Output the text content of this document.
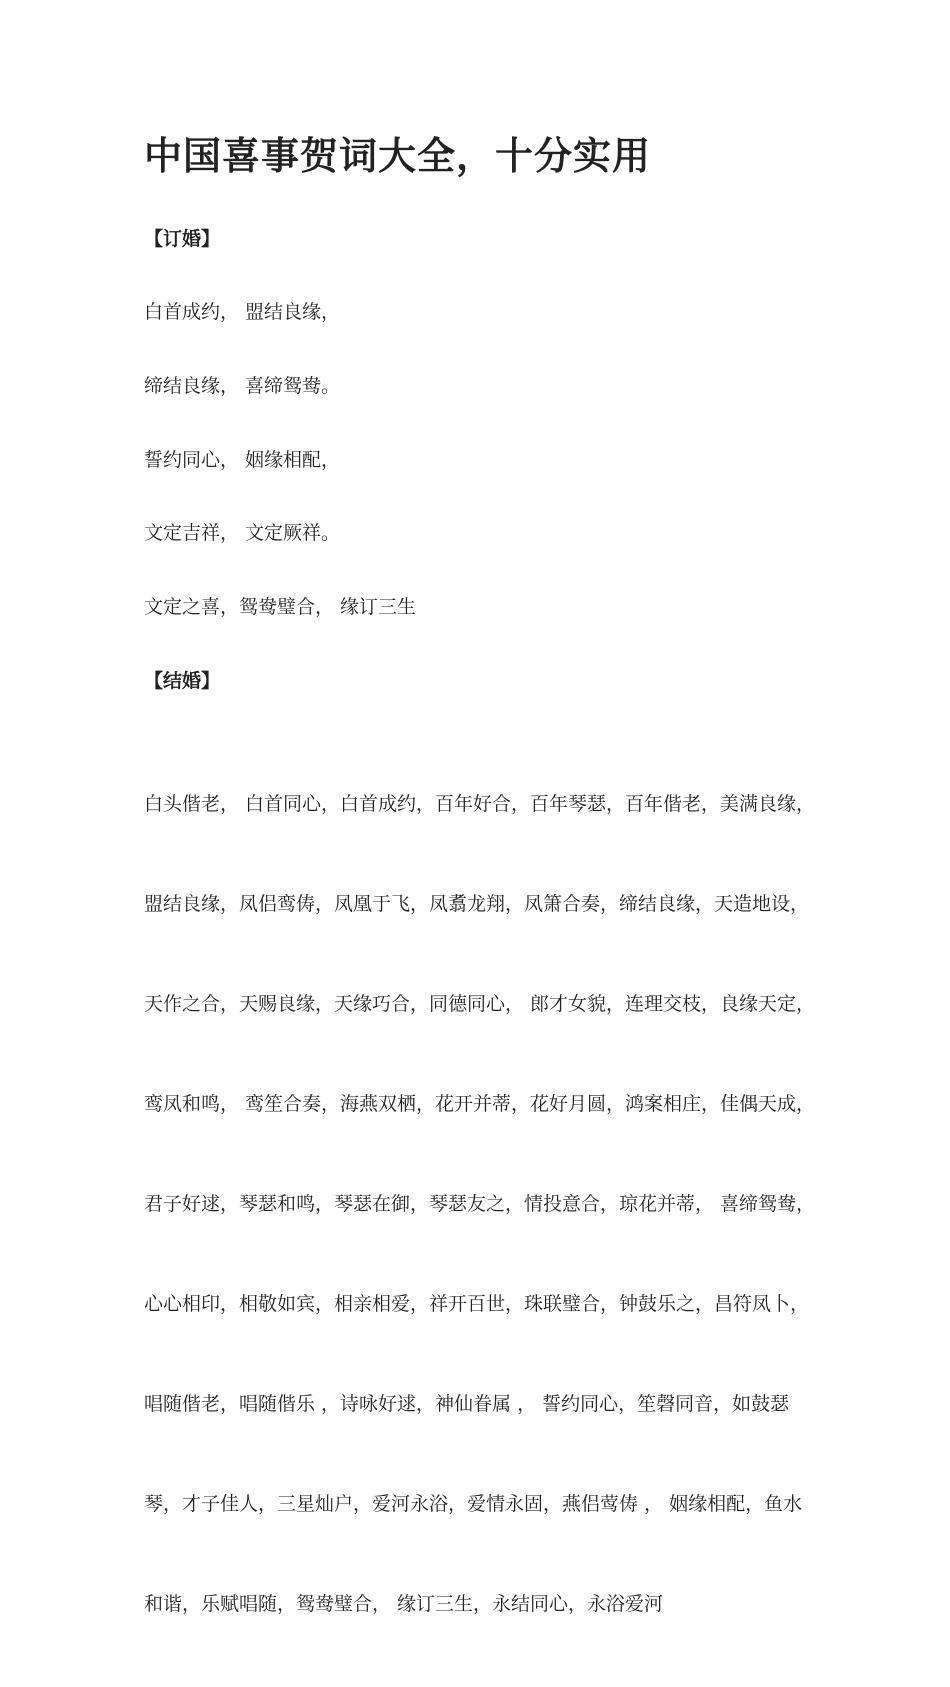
中国喜事贺词大全，十分实用
【订婚】
白首成约， 盟结良缘，
缔结良缘， 喜缔鸳鸯。
誓约同心， 姻缘相配，
文定吉祥， 文定厥祥。
文定之喜，鸳鸯璧合， 缘订三生
【结婚】

白头偕老， 白首同心，白首成约，百年好合，百年琴瑟，百年偕老，美满良缘，

盟结良缘，凤侣鸾俦，凤凰于飞，凤翥龙翔，凤箫合奏，缔结良缘，天造地设，

天作之合，天赐良缘，天缘巧合，同德同心， 郎才女貌，连理交枝，良缘天定，

鸾凤和鸣， 鸾笙合奏，海燕双栖，花开并蒂，花好月圆，鸿案相庄，佳偶天成，

君子好逑，琴瑟和鸣，琴瑟在御，琴瑟友之，情投意合，琼花并蒂， 喜缔鸳鸯，

心心相印，相敬如宾，相亲相爱，祥开百世，珠联璧合，钟鼓乐之，昌符凤卜，

唱随偕老，唱随偕乐 ，诗咏好逑，神仙眷属 ， 誓约同心，笙磬同音，如鼓瑟

琴，才子佳人，三星灿户，爱河永浴，爱情永固，燕侣莺俦 ， 姻缘相配，鱼水

和谐，乐赋唱随，鸳鸯璧合， 缘订三生，永结同心，永浴爱河
